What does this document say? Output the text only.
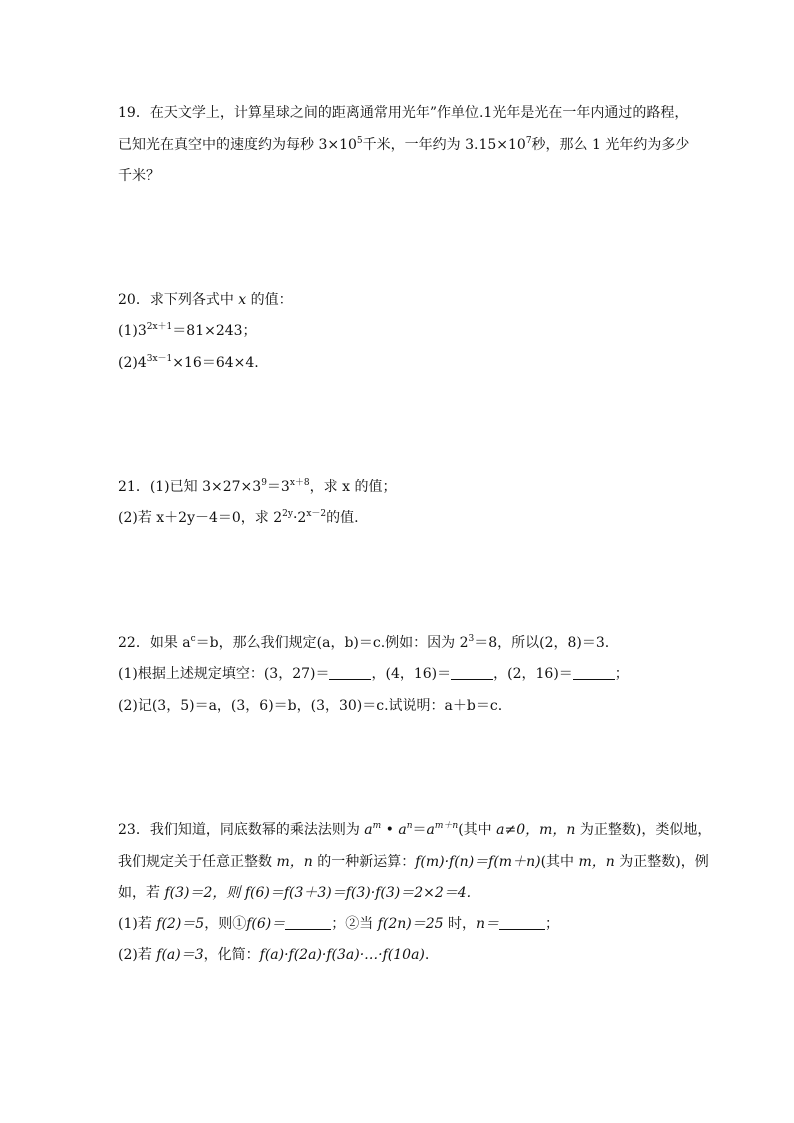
19．在天文学上，计算星球之间的距离通常用光年”作单位.1光年是光在一年内通过的路程，
已知光在真空中的速度约为每秒 $3\times 10^5$千米，一年约为 $3.15\times 10^7$秒，那么 1 光年约为多少
千米？
20．求下列各式中 x 的值：
$(1)3^{2x+1}=81\times 243$；
$(2)4^{3x-1}\times 16=64\times 4$.
21．(1)已知 $3\times 27\times 3^9=3^{x+8}$，求 x 的值；
(2)若 x＋2y－4＝0，求 $2^{2y}\cdot 2^{x-2}$的值.
22．如果 $a^c=b$，那么我们规定(a，b)＝c.例如：因为 $2^3=8$，所以(2，8)＝3.
(1)根据上述规定填空：(3，27)＝	，(4，16)＝	，(2，16)＝	；
(2)记(3，5)＝a，(3，6)＝b，(3，30)＝c.试说明：a＋b＝c.
23．我们知道，同底数幂的乘法法则为 $a^m$ • $a^n=a^{m+n}$(其中 a≠0，m，n 为正整数)，类似地，
我们规定关于任意正整数 m，n 的一种新运算：f(m)·f(n)＝f(m＋n)(其中 m，n 为正整数)，例
如，若 f(3)＝2，则 f(6)＝f(3＋3)＝f(3)·f(3)＝2×2＝4.
(1)若 f(2)＝5，则①f(6)＝	；②当 f(2n)＝25 时，n＝	；
(2)若 f(a)＝3，化简：f(a)·f(2a)·f(3a)·…·f(10a).
